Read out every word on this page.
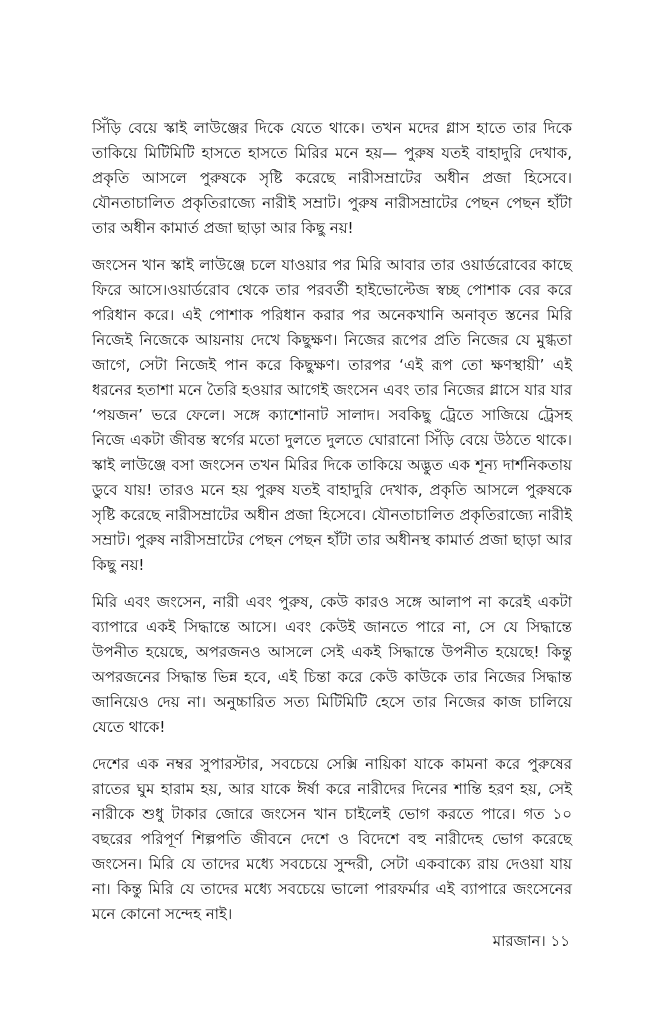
সিঁড়ি বেয়ে স্কাই লাউঞ্জের দিকে যেতে থাকে। তখন মদের গ্লাস হাতে তার দিকে তাকিয়ে মিটিমিটি হাসতে হাসতে মিরির মনে হয়— পুরুষ যতই বাহাদুরি দেখাক, প্রকৃতি আসলে পুরুষকে সৃষ্টি করেছে নারীসম্রাটের অধীন প্রজা হিসেবে। যৌনতাচালিত প্রকৃতিরাজ্যে নারীই সম্রাট। পুরুষ নারীসম্রাটের পেছন পেছন হাঁটা তার অধীন কামার্ত প্রজা ছাড়া আর কিছু নয়!

জংসেন খান স্কাই লাউঞ্জে চলে যাওয়ার পর মিরি আবার তার ওয়ার্ডরোবের কাছে ফিরে আসে।ওয়ার্ডরোব থেকে তার পরবর্তী হাইভোল্টেজ স্বচ্ছ পোশাক বের করে পরিধান করে। এই পোশাক পরিধান করার পর অনেকখানি অনাবৃত স্তনের মিরি নিজেই নিজেকে আয়নায় দেখে কিছুক্ষণ। নিজের রূপের প্রতি নিজের যে মুগ্ধতা জাগে, সেটা নিজেই পান করে কিছুক্ষণ। তারপর ‘এই রূপ তো ক্ষণস্থায়ী’ এই ধরনের হতাশা মনে তৈরি হওয়ার আগেই জংসেন এবং তার নিজের গ্লাসে যার যার ‘পয়জন’ ভরে ফেলে। সঙ্গে ক্যাশোনাট সালাদ। সবকিছু ট্রেতে সাজিয়ে ট্রেসহ নিজে একটা জীবন্ত স্বর্গের মতো দুলতে দুলতে ঘোরানো সিঁড়ি বেয়ে উঠতে থাকে। স্কাই লাউঞ্জে বসা জংসেন তখন মিরির দিকে তাকিয়ে অদ্ভুত এক শূন্য দার্শনিকতায় ডুবে যায়! তারও মনে হয় পুরুষ যতই বাহাদুরি দেখাক, প্রকৃতি আসলে পুরুষকে সৃষ্টি করেছে নারীসম্রাটের অধীন প্রজা হিসেবে। যৌনতাচালিত প্রকৃতিরাজ্যে নারীই সম্রাট। পুরুষ নারীসম্রাটের পেছন পেছন হাঁটা তার অধীনস্থ কামার্ত প্রজা ছাড়া আর কিছু নয়!

মিরি এবং জংসেন, নারী এবং পুরুষ, কেউ কারও সঙ্গে আলাপ না করেই একটা ব্যাপারে একই সিদ্ধান্তে আসে। এবং কেউই জানতে পারে না, সে যে সিদ্ধান্তে উপনীত হয়েছে, অপরজনও আসলে সেই একই সিদ্ধান্তে উপনীত হয়েছে! কিন্তু অপরজনের সিদ্ধান্ত ভিন্ন হবে, এই চিন্তা করে কেউ কাউকে তার নিজের সিদ্ধান্ত জানিয়েও দেয় না। অনুচ্চারিত সত্য মিটিমিটি হেসে তার নিজের কাজ চালিয়ে যেতে থাকে!

দেশের এক নম্বর সুপারস্টার, সবচেয়ে সেক্সি নায়িকা যাকে কামনা করে পুরুষের রাতের ঘুম হারাম হয়, আর যাকে ঈর্ষা করে নারীদের দিনের শান্তি হরণ হয়, সেই নারীকে শুধু টাকার জোরে জংসেন খান চাইলেই ভোগ করতে পারে। গত ১০ বছরের পরিপূর্ণ শিল্পপতি জীবনে দেশে ও বিদেশে বহু নারীদেহ ভোগ করেছে জংসেন। মিরি যে তাদের মধ্যে সবচেয়ে সুন্দরী, সেটা একবাক্যে রায় দেওয়া যায় না। কিন্তু মিরি যে তাদের মধ্যে সবচেয়ে ভালো পারফর্মার এই ব্যাপারে জংসেনের মনে কোনো সন্দেহ নাই।

মারজান। ১১
